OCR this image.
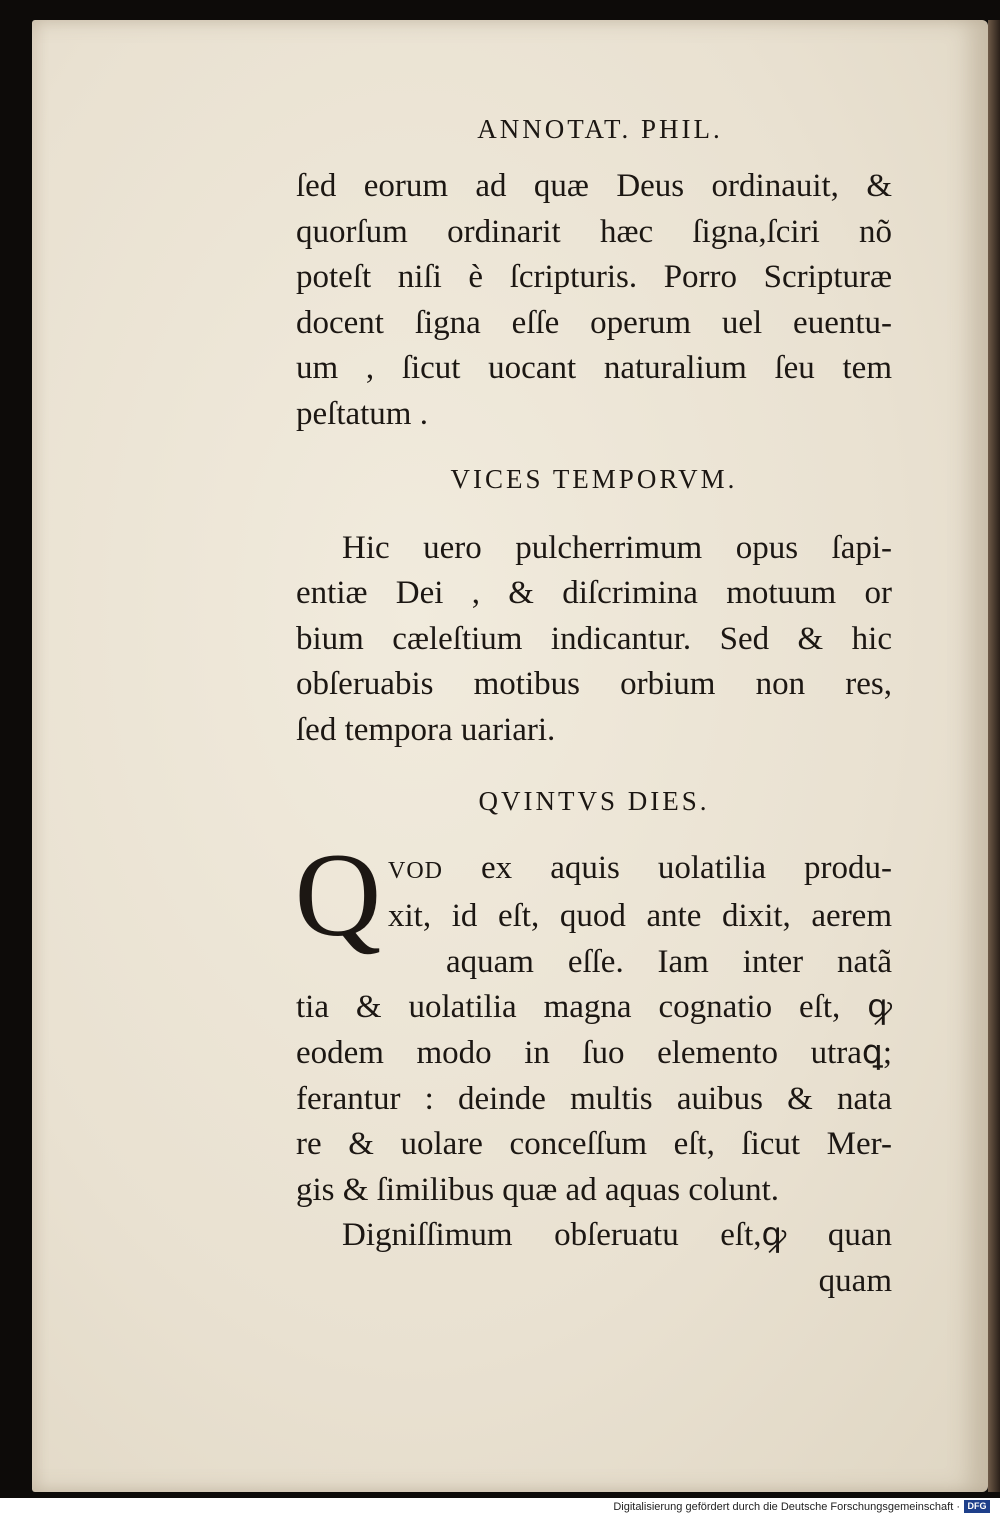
ANNOTAT. PHIL.
ſed eorum ad quæ Deus ordinauit, &
quorſum ordinarit hæc ſigna,ſciri nõ
poteſt niſi è ſcripturis. Porro Scripturæ
docent ſigna eſſe operum uel euentu-
um , ſicut uocant naturalium ſeu tem
peſtatum .
VICES TEMPORVM.
Hic uero pulcherrimum opus ſapi-
entiæ Dei , & diſcrimina motuum or
bium cæleſtium indicantur. Sed & hic
obſeruabis motibus orbium non res,
ſed tempora uariari.
QVINTVS DIES.
Q VOD ex aquis uolatilia produ-
xit, id eſt, quod ante dixit, aerem
aquam eſſe. Iam inter natã
tia & uolatilia magna cognatio eſt, ꝙ
eodem modo in ſuo elemento utraꝗ;
ferantur : deinde multis auibus & nata
re & uolare conceſſum eſt, ſicut Mer-
gis & ſimilibus quæ ad aquas colunt.
Digniſſimum obſeruatu eſt,ꝙ quan
quam
Digitalisierung gefördert durch die Deutsche Forschungsgemeinschaft · DFG
